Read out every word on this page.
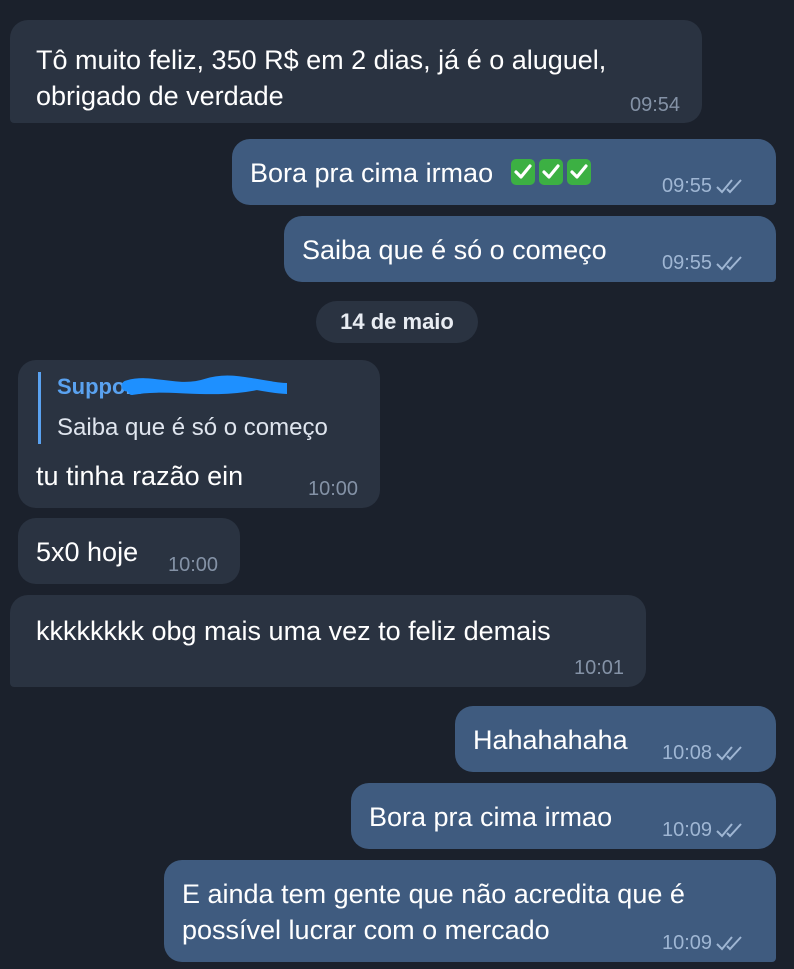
Tô muito feliz, 350 R$ em 2 dias, já é o aluguel,
obrigado de verdade	09:54
Bora pra cima irmao	09:55
Saiba que é só o começo	09:55
14 de maio
Support
Saiba que é só o começo
tu tinha razão ein	10:00
5x0 hoje 10:00
kkkkkkkk obg mais uma vez to feliz demais
10:01
Hahahahaha 10:08
Bora pra cima irmao 10:09
E ainda tem gente que não acredita que é
possível lucrar com o mercado	10:09
